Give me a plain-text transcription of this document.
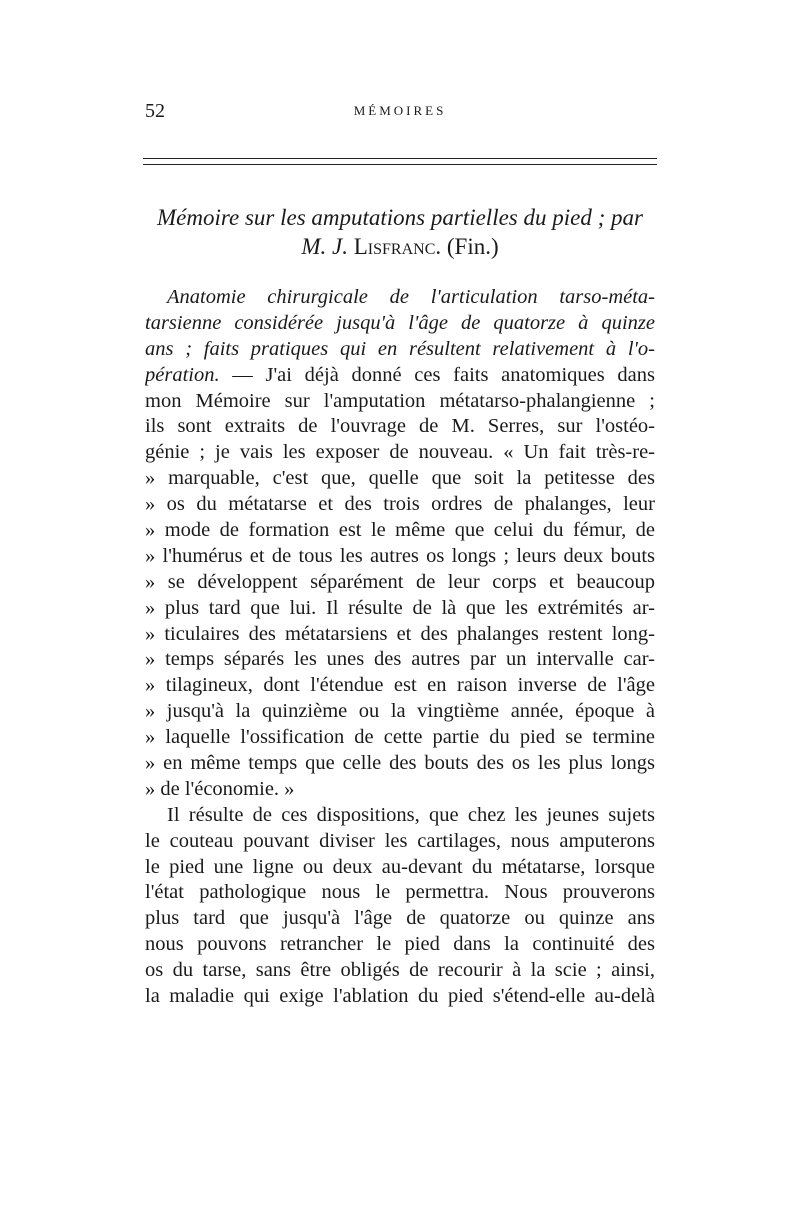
52	MÉMOIRES
Mémoire sur les amputations partielles du pied ; par
M. J. Lisfranc. (Fin.)
Anatomie chirurgicale de l'articulation tarso-méta-
tarsienne considérée jusqu'à l'âge de quatorze à quinze
ans ; faits pratiques qui en résultent relativement à l'o-
pération. — J'ai déjà donné ces faits anatomiques dans
mon Mémoire sur l'amputation métatarso-phalangienne ;
ils sont extraits de l'ouvrage de M. Serres, sur l'ostéo-
génie ; je vais les exposer de nouveau. « Un fait très-re-
» marquable, c'est que, quelle que soit la petitesse des
» os du métatarse et des trois ordres de phalanges, leur
» mode de formation est le même que celui du fémur, de
» l'humérus et de tous les autres os longs ; leurs deux bouts
» se développent séparément de leur corps et beaucoup
» plus tard que lui. Il résulte de là que les extrémités ar-
» ticulaires des métatarsiens et des phalanges restent long-
» temps séparés les unes des autres par un intervalle car-
» tilagineux, dont l'étendue est en raison inverse de l'âge
» jusqu'à la quinzième ou la vingtième année, époque à
» laquelle l'ossification de cette partie du pied se termine
» en même temps que celle des bouts des os les plus longs
» de l'économie. »
Il résulte de ces dispositions, que chez les jeunes sujets
le couteau pouvant diviser les cartilages, nous amputerons
le pied une ligne ou deux au-devant du métatarse, lorsque
l'état pathologique nous le permettra. Nous prouverons
plus tard que jusqu'à l'âge de quatorze ou quinze ans
nous pouvons retrancher le pied dans la continuité des
os du tarse, sans être obligés de recourir à la scie ; ainsi,
la maladie qui exige l'ablation du pied s'étend-elle au-delà
